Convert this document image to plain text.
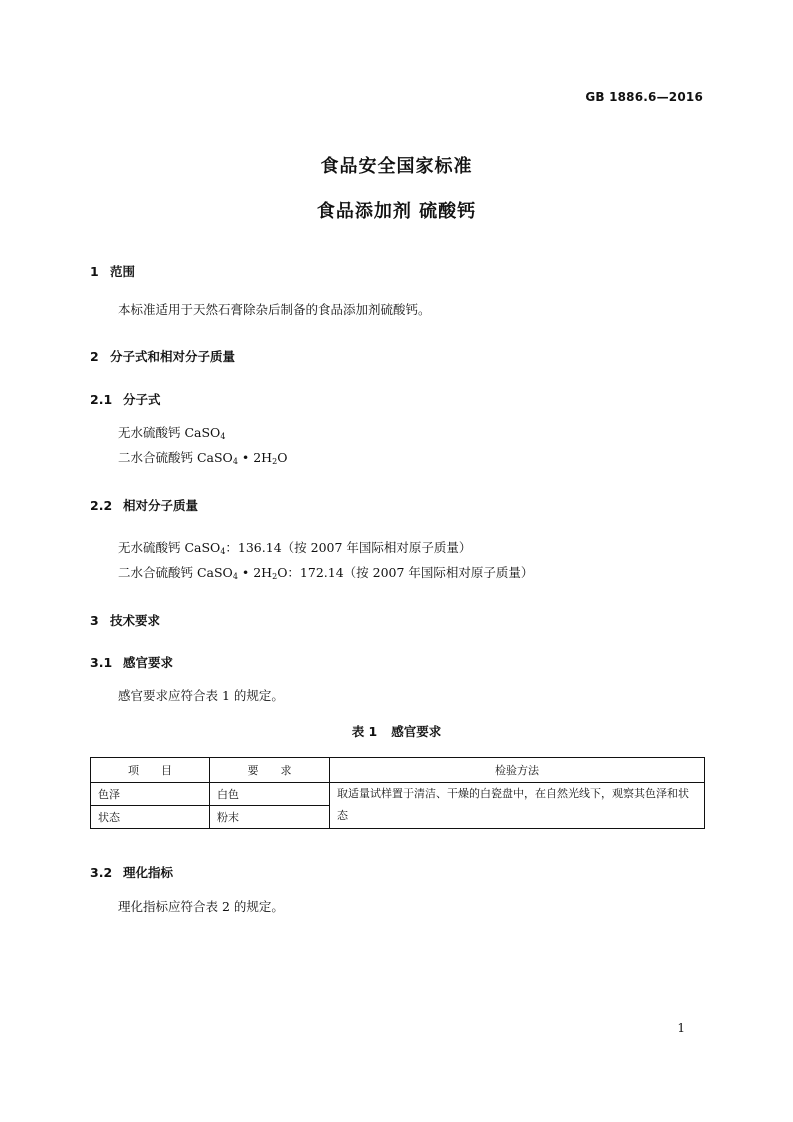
GB 1886.6—2016
食品安全国家标准
食品添加剂 硫酸钙
1 范围
本标准适用于天然石膏除杂后制备的食品添加剂硫酸钙。
2 分子式和相对分子质量
2.1 分子式
无水硫酸钙 CaSO$_4$
二水合硫酸钙 CaSO$_4$ • $2H_2O$
2.2 相对分子质量
无水硫酸钙 CaSO$_4$：136.14（按 2007 年国际相对原子质量）
二水合硫酸钙 CaSO$_4$ • $2H_2O$：172.14（按 2007 年国际相对原子质量）
3 技术要求
3.1 感官要求
感官要求应符合表 1 的规定。
表 1 感官要求
项　　目	要　　求	检验方法
色泽	白色	取适量试样置于清洁、干燥的白瓷盘中，在自然光线下，观察其色泽和状态
状态	粉末	
3.2 理化指标
理化指标应符合表 2 的规定。
1
